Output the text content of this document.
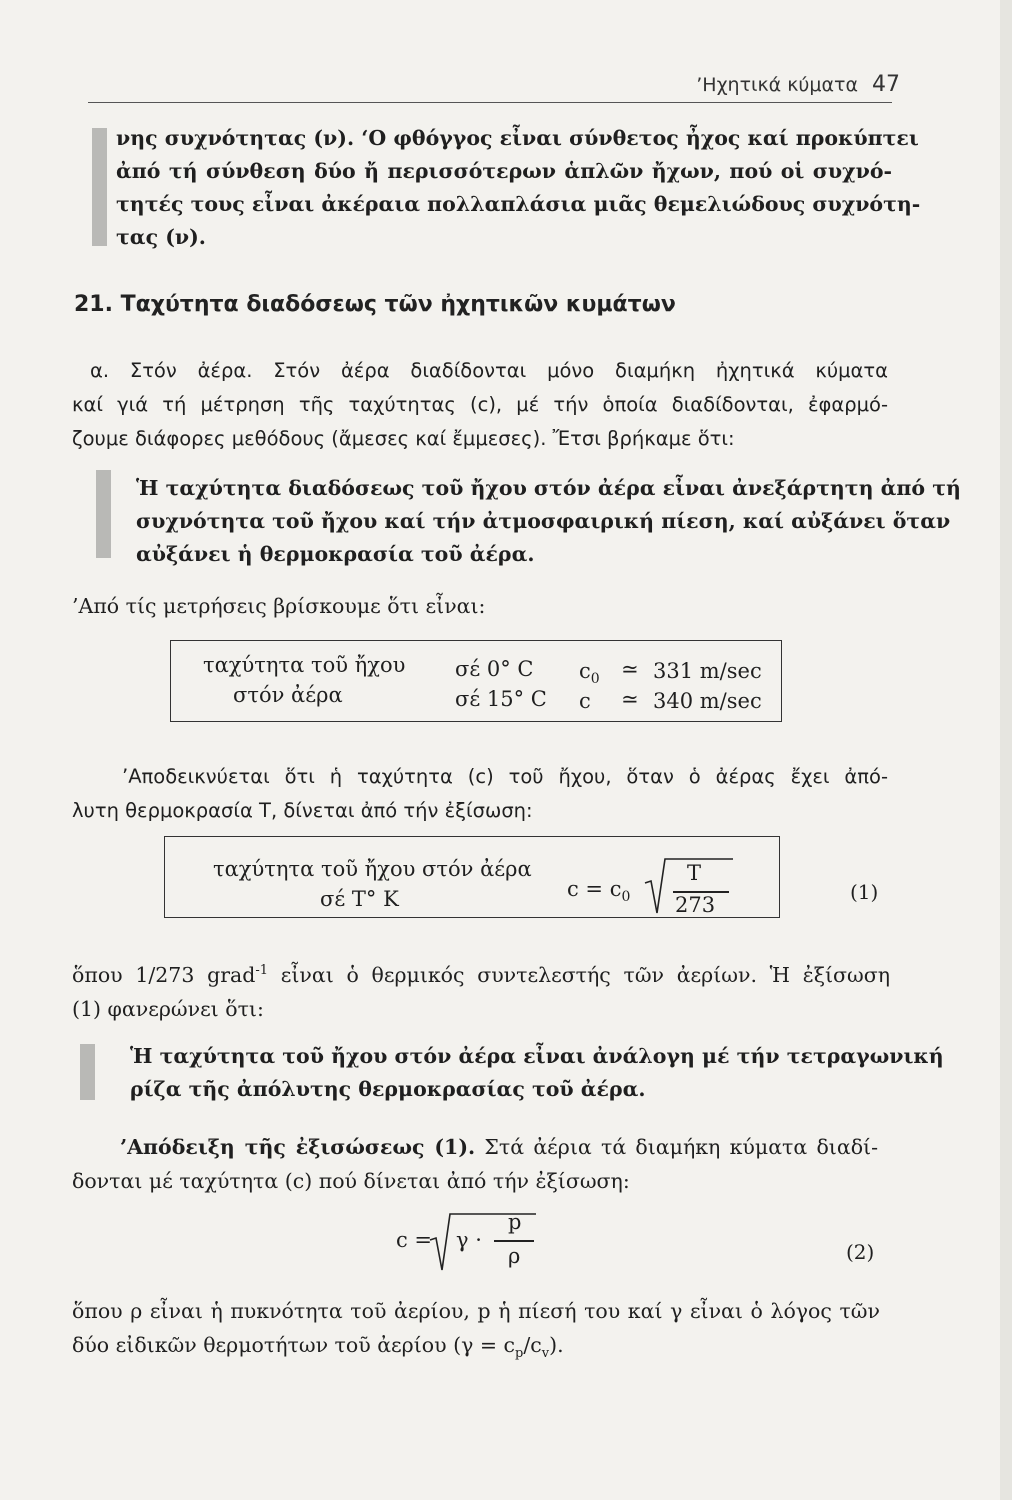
’Ηχητικά κύματα 47
νης συχνότητας (ν). ‘Ο φθόγγος εἶναι σύνθετος ἦχος καί προκύπτει
ἀπό τή σύνθεση δύο ἤ περισσότερων ἁπλῶν ἤχων, πού οἱ συχνό-
τητές τους εἶναι ἀκέραια πολλαπλάσια μιᾶς θεμελιώδους συχνότη-
τας (ν).
21. Ταχύτητα διαδόσεως τῶν ἠχητικῶν κυμάτων
α. Στόν ἀέρα. Στόν ἀέρα διαδίδονται μόνο διαμήκη ἠχητικά κύματα
καί γιά τή μέτρηση τῆς ταχύτητας (c), μέ τήν ὁποία διαδίδονται, ἐφαρμό-
ζουμε διάφορες μεθόδους (ἄμεσες καί ἔμμεσες). Ἔτσι βρήκαμε ὅτι:
Ἡ ταχύτητα διαδόσεως τοῦ ἤχου στόν ἀέρα εἶναι ἀνεξάρτητη ἀπό τή
συχνότητα τοῦ ἤχου καί τήν ἀτμοσφαιρική πίεση, καί αὐξάνει ὅταν
αὐξάνει ἡ θερμοκρασία τοῦ ἀέρα.
’Από τίς μετρήσεις βρίσκουμε ὅτι εἶναι:
ταχύτητα τοῦ ἤχου
στόν ἀέρα
σέ 0° C $c_0$ ≃ 331 m/sec
σέ 15° C c ≃ 340 m/sec
’Αποδεικνύεται ὅτι ἡ ταχύτητα (c) τοῦ ἤχου, ὅταν ὁ ἀέρας ἔχει ἀπό-
λυτη θερμοκρασία T, δίνεται ἀπό τήν ἐξίσωση:
ταχύτητα τοῦ ἤχου στόν ἀέρα
σέ T° K	$c = c_0$
T
273
(1)
ὅπου 1/273 grad$^{-1}$ εἶναι ὁ θερμικός συντελεστής τῶν ἀερίων. Ἡ ἐξίσωση
(1) φανερώνει ὅτι:
Ἡ ταχύτητα τοῦ ἤχου στόν ἀέρα εἶναι ἀνάλογη μέ τήν τετραγωνική
ρίζα τῆς ἀπόλυτης θερμοκρασίας τοῦ ἀέρα.
’Απόδειξη τῆς ἐξισώσεως (1). Στά ἀέρια τά διαμήκη κύματα διαδί-
δονται μέ ταχύτητα (c) πού δίνεται ἀπό τήν ἐξίσωση:
c = γ ·
p
ρ	(2)
ὅπου ρ εἶναι ἡ πυκνότητα τοῦ ἀερίου, p ἡ πίεσή του καί γ εἶναι ὁ λόγος τῶν
δύο εἰδικῶν θερμοτήτων τοῦ ἀερίου $(\gamma = c_p/c_v)$.
